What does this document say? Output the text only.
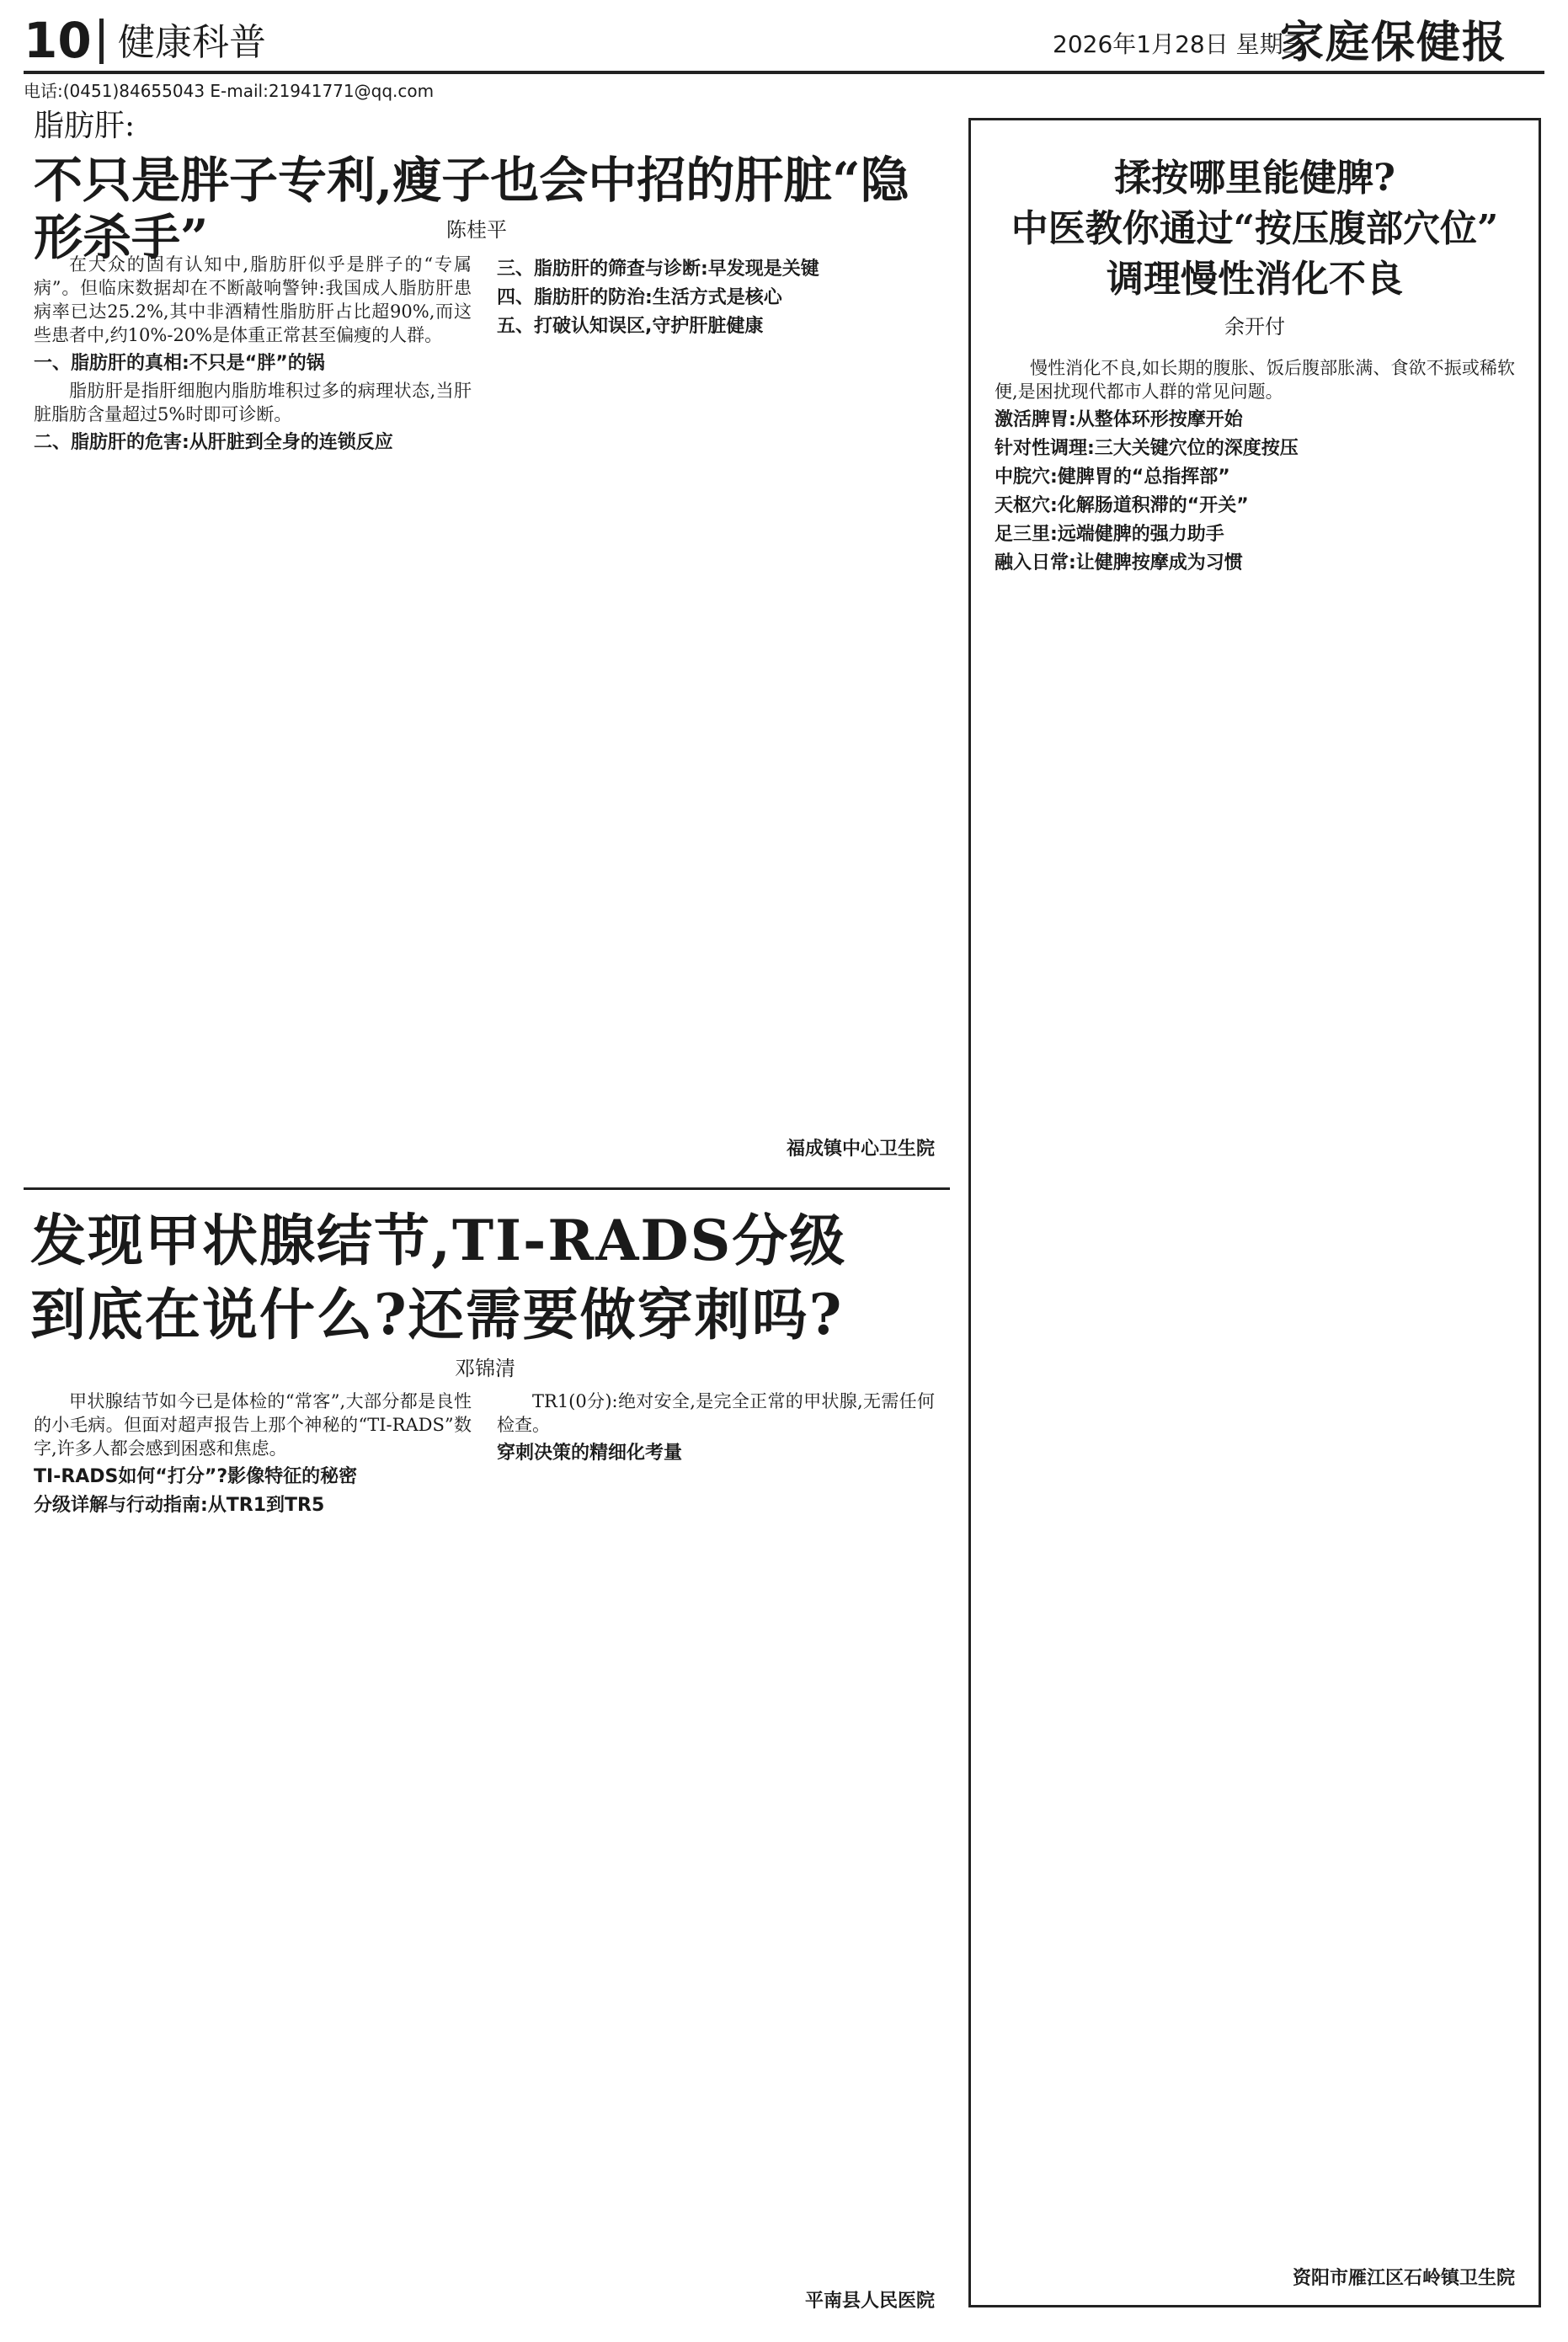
10 健康科普	2026年1月28日 星期三
家庭保健报
电话:(0451)84655043 E-mail:21941771@qq.com
脂肪肝:
不只是胖子专利,瘦子也会中招的肝脏“隐形杀手”	陈桂平

在大众的固有认知中,脂肪肝似乎是胖子的“专属病”。但临床数据却在不断敲响警钟:我国成人脂肪肝患病率已达25.2%,其中非酒精性脂肪肝占比超90%,而这些患者中,约10%-20%是体重正常甚至偏瘦的人群。

一、脂肪肝的真相:不只是“胖”的锅

脂肪肝是指肝细胞内脂肪堆积过多的病理状态,当肝脏脂肪含量超过5%时即可诊断。

二、脂肪肝的危害:从肝脏到全身的连锁反应
三、脂肪肝的筛查与诊断:早发现是关键
四、脂肪肝的防治:生活方式是核心
五、打破认知误区,守护肝脏健康
福成镇中心卫生院
发现甲状腺结节,TI-RADS分级
到底在说什么?还需要做穿刺吗?
邓锦清

甲状腺结节如今已是体检的“常客”,大部分都是良性的小毛病。但面对超声报告上那个神秘的“TI-RADS”数字,许多人都会感到困惑和焦虑。

TI-RADS如何“打分”?影像特征的秘密
分级详解与行动指南:从TR1到TR5

TR1(0分):绝对安全,是完全正常的甲状腺,无需任何检查。

穿刺决策的精细化考量
平南县人民医院
揉按哪里能健脾?
中医教你通过“按压腹部穴位”
调理慢性消化不良
余开付

慢性消化不良,如长期的腹胀、饭后腹部胀满、食欲不振或稀软便,是困扰现代都市人群的常见问题。

激活脾胃:从整体环形按摩开始
针对性调理:三大关键穴位的深度按压
中脘穴:健脾胃的“总指挥部”
天枢穴:化解肠道积滞的“开关”
足三里:远端健脾的强力助手
融入日常:让健脾按摩成为习惯
资阳市雁江区石岭镇卫生院
